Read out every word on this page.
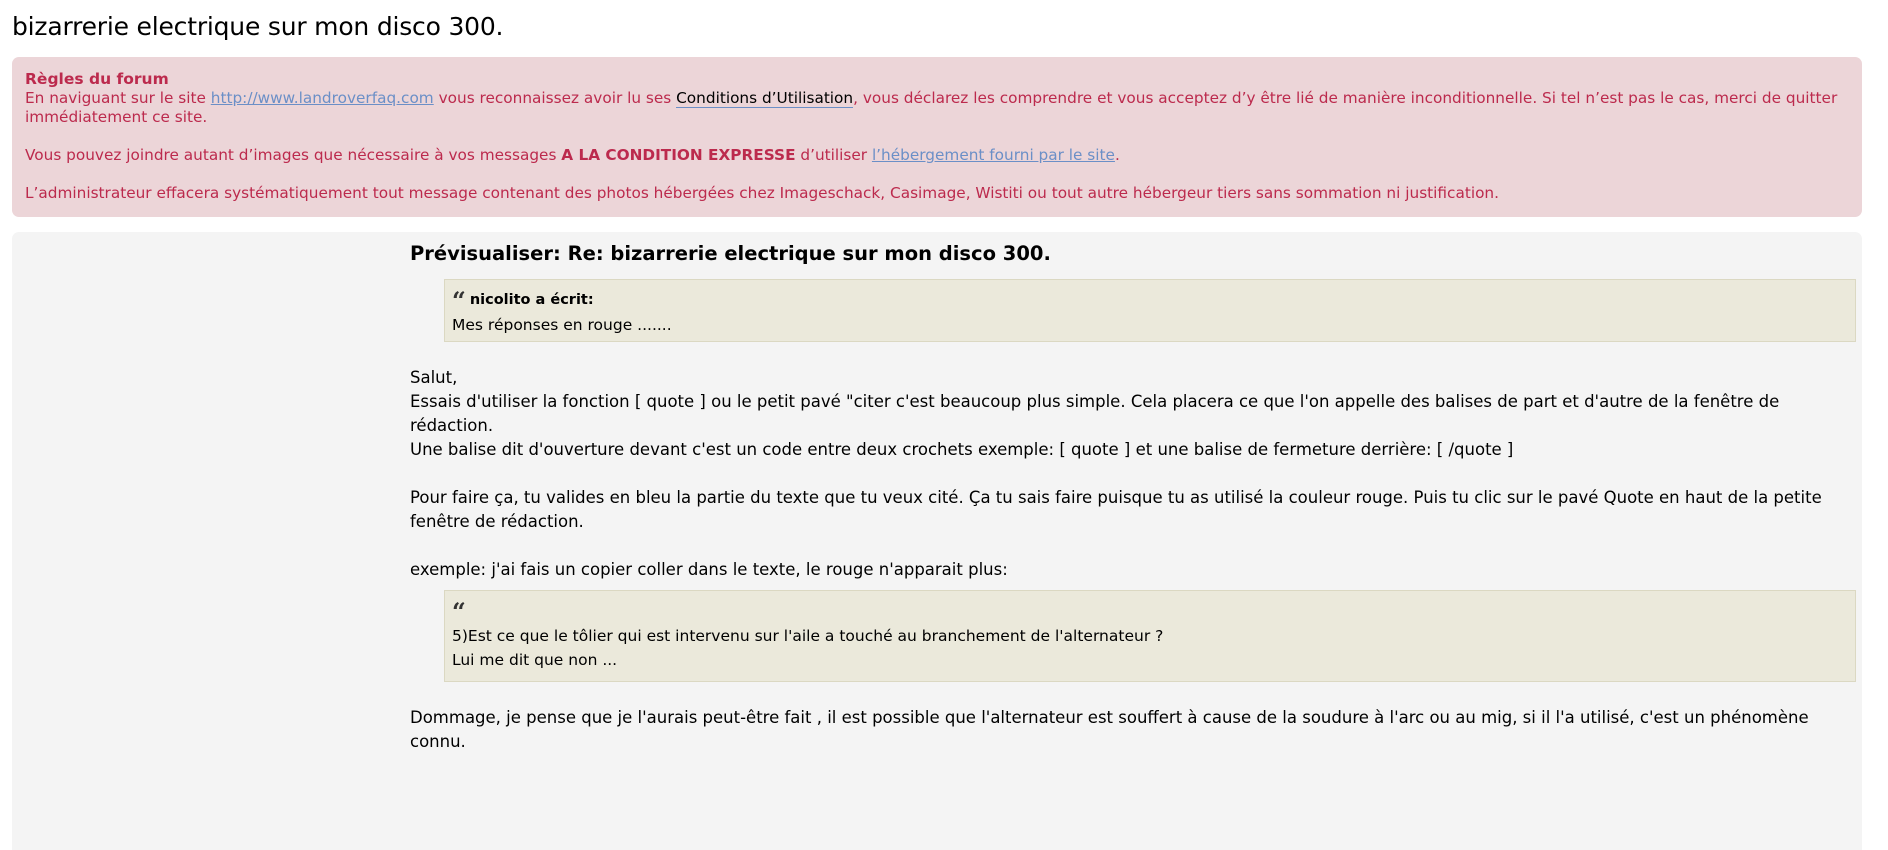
bizarrerie electrique sur mon disco 300.
Règles du forum

En naviguant sur le site http://www.landroverfaq.com vous reconnaissez avoir lu ses Conditions d’Utilisation, vous déclarez les comprendre et vous acceptez d’y être lié de manière inconditionnelle. Si tel n’est pas le cas, merci de quitter immédiatement ce site.

Vous pouvez joindre autant d’images que nécessaire à vos messages A LA CONDITION EXPRESSE d’utiliser l’hébergement fourni par le site.

L’administrateur effacera systématiquement tout message contenant des photos hébergées chez Imageschack, Casimage, Wistiti ou tout autre hébergeur tiers sans sommation ni justification.

Prévisualiser: Re: bizarrerie electrique sur mon disco 300.
“ nicolito a écrit:
Mes réponses en rouge .......
Salut,
Essais d'utiliser la fonction [ quote ] ou le petit pavé "citer c'est beaucoup plus simple. Cela placera ce que l'on appelle des balises de part et d'autre de la fenêtre de rédaction.
Une balise dit d'ouverture devant c'est un code entre deux crochets exemple: [ quote ] et une balise de fermeture derrière: [ /quote ]
Pour faire ça, tu valides en bleu la partie du texte que tu veux cité. Ça tu sais faire puisque tu as utilisé la couleur rouge. Puis tu clic sur le pavé Quote en haut de la petite fenêtre de rédaction.
exemple: j'ai fais un copier coller dans le texte, le rouge n'apparait plus:
“
5)Est ce que le tôlier qui est intervenu sur l'aile a touché au branchement de l'alternateur ?
Lui me dit que non ...
Dommage, je pense que je l'aurais peut-être fait , il est possible que l'alternateur est souffert à cause de la soudure à l'arc ou au mig, si il l'a utilisé, c'est un phénomène connu.
